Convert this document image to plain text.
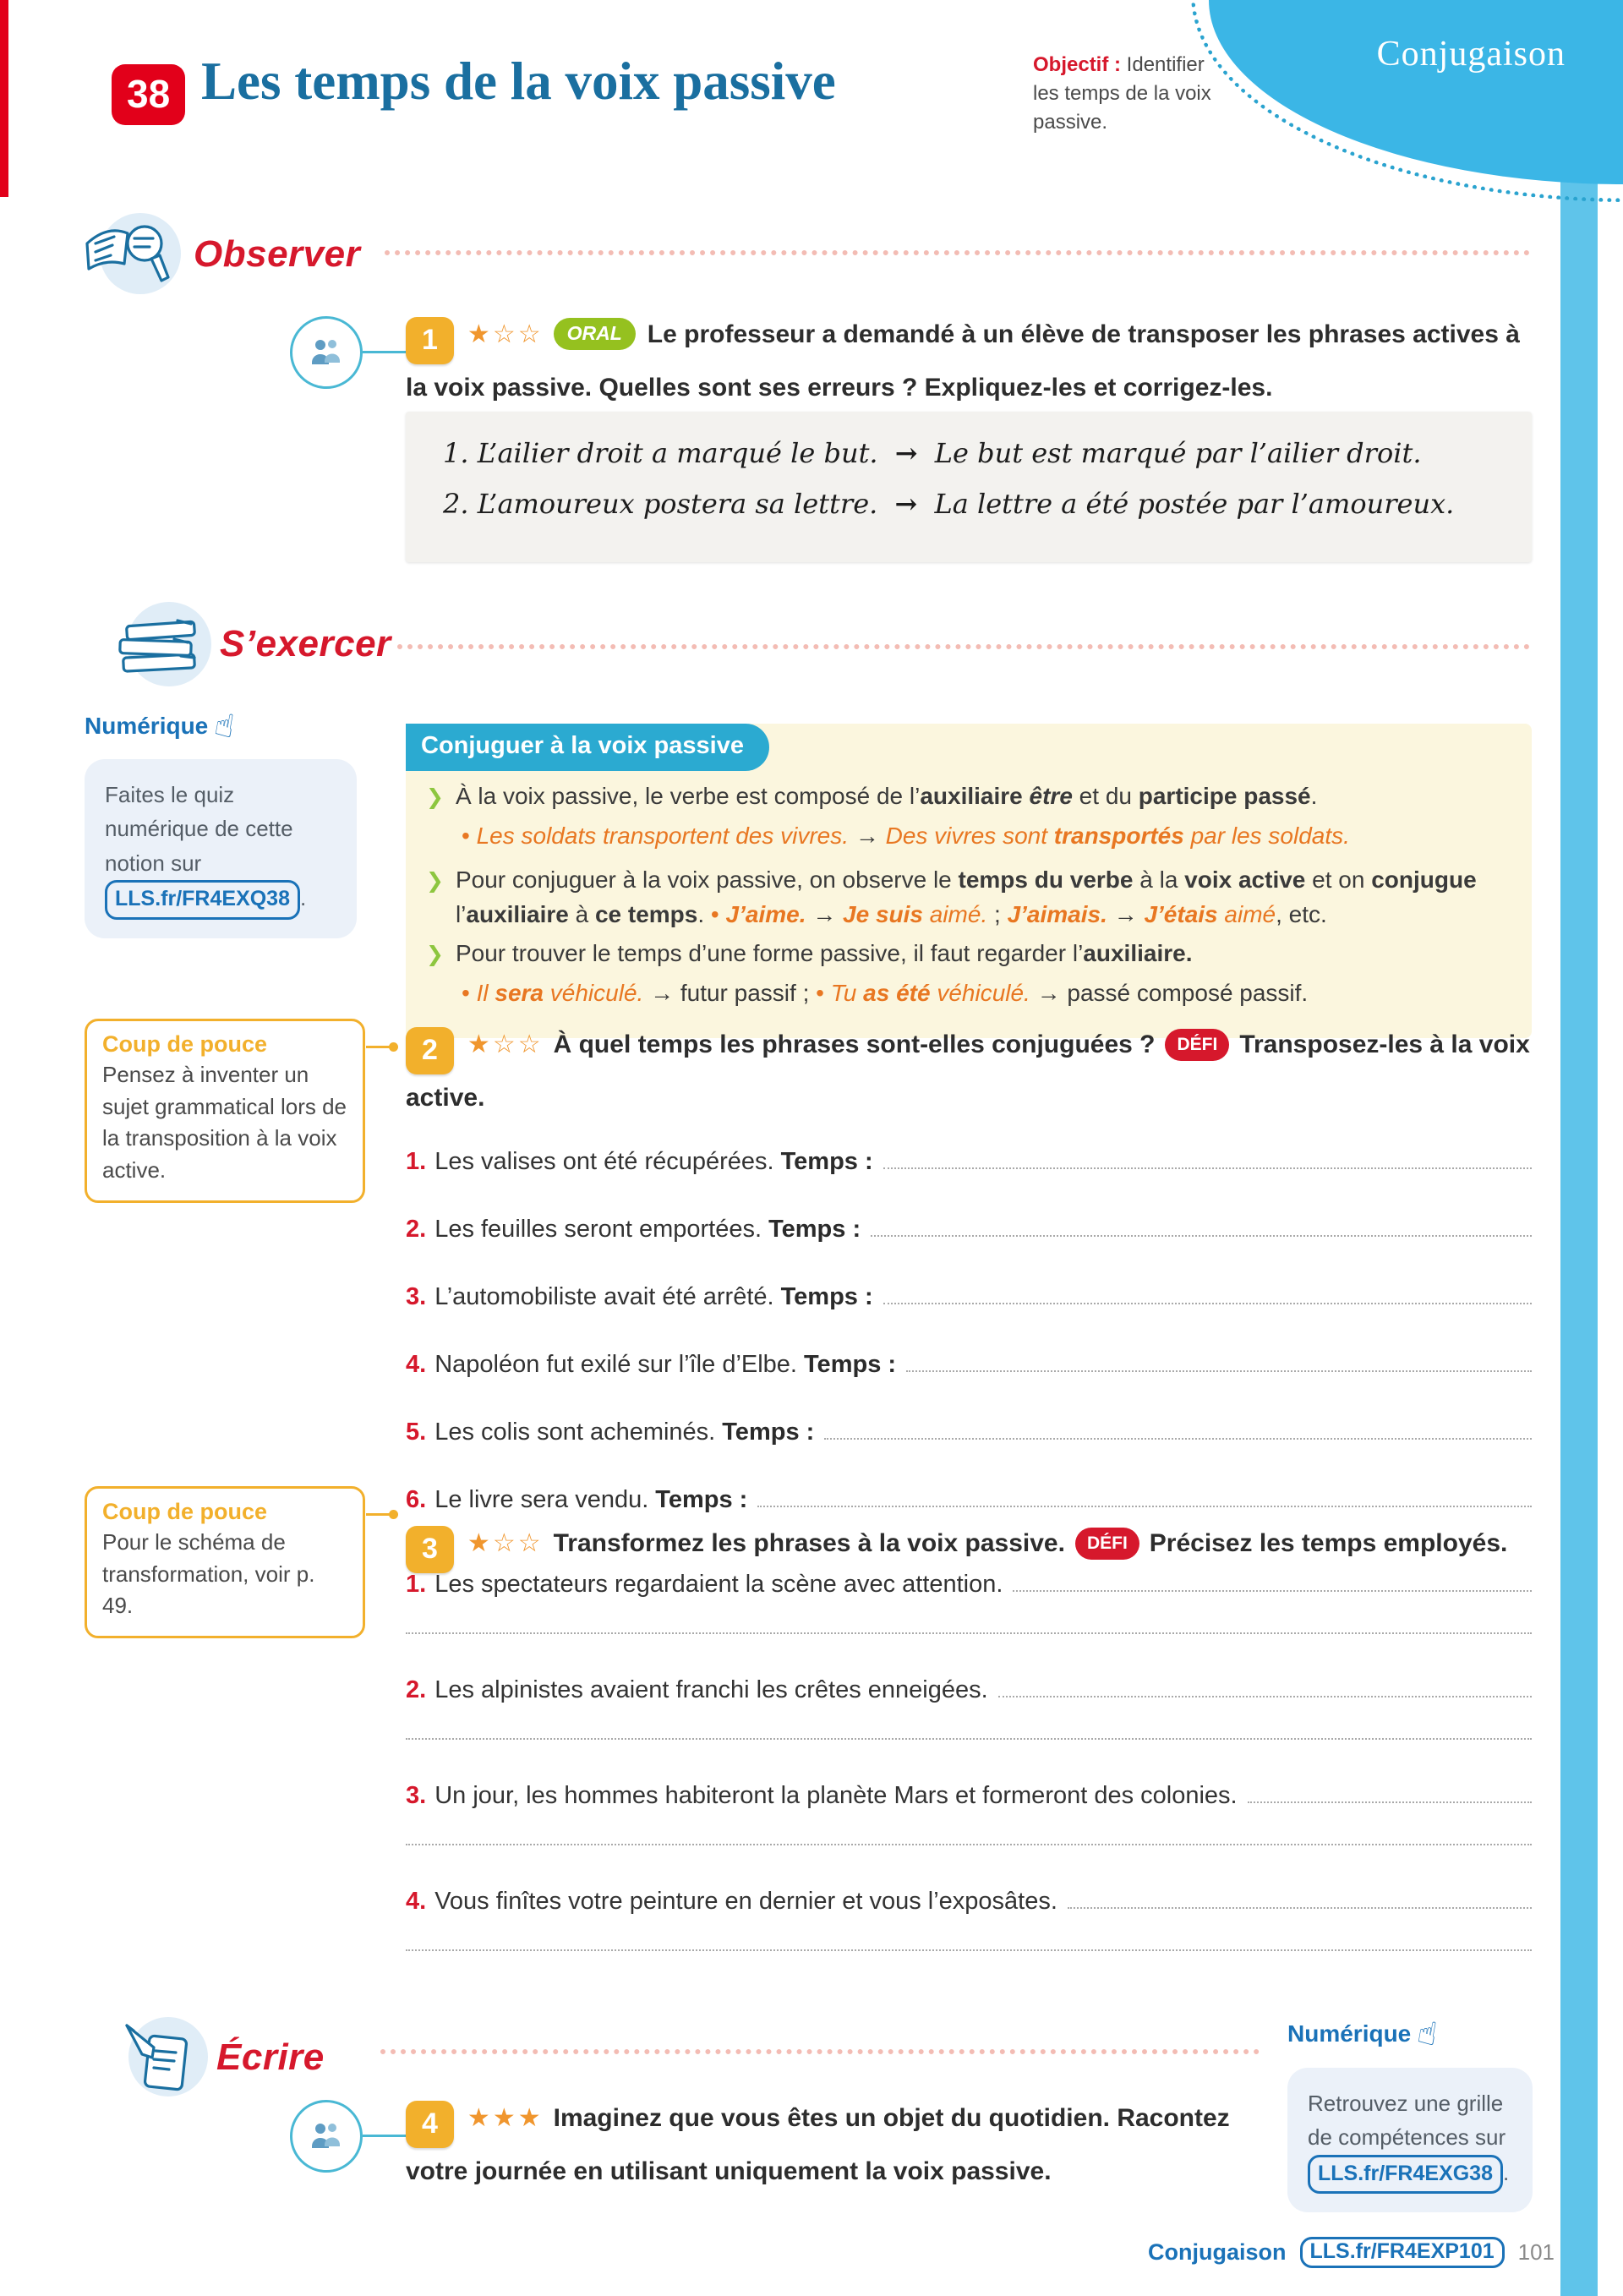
Conjugaison
38 Les temps de la voix passive	Objectif : Identifier les temps de la voix passive.
Observer

1 ★☆☆ ORAL Le professeur a demandé à un élève de transposer les phrases actives à la voix passive. Quelles sont ses erreurs ? Expliquez-les et corrigez-les.

1. L’ailier droit a marqué le but. → Le but est marqué par l’ailier droit.
2. L’amoureux postera sa lettre. → La lettre a été postée par l’amoureux.
S’exercer
Numérique ☝
Faites le quiz numérique de cette notion sur LLS.fr/FR4EXQ38 .
Conjuguer à la voix passive
❯ À la voix passive, le verbe est composé de l’auxiliaire être et du participe passé.
• Les soldats transportent des vivres. → Des vivres sont transportés par les soldats.
❯ Pour conjuguer à la voix passive, on observe le temps du verbe à la voix active et on conjugue l’auxiliaire à ce temps. • J’aime. → Je suis aimé. ; J’aimais. → J’étais aimé, etc.
❯ Pour trouver le temps d’une forme passive, il faut regarder l’auxiliaire.
• Il sera véhiculé. → futur passif ; • Tu as été véhiculé. → passé composé passif.
Coup de pouce
Pensez à inventer un sujet grammatical lors de la transposition à la voix active.

2 ★☆☆ À quel temps les phrases sont-elles conjuguées ? DÉFI Transposez-les à la voix active.

1. Les valises ont été récupérées. Temps :
2. Les feuilles seront emportées. Temps :
3. L’automobiliste avait été arrêté. Temps :
4. Napoléon fut exilé sur l’île d’Elbe. Temps :
5. Les colis sont acheminés. Temps :
6. Le livre sera vendu. Temps :
Coup de pouce
Pour le schéma de transformation, voir p. 49.

3 ★☆☆ Transformez les phrases à la voix passive. DÉFI Précisez les temps employés.

1. Les spectateurs regardaient la scène avec attention.
2. Les alpinistes avaient franchi les crêtes enneigées.
3. Un jour, les hommes habiteront la planète Mars et formeront des colonies.
4. Vous finîtes votre peinture en dernier et vous l’exposâtes.
Écrire
Numérique ☝
Retrouvez une grille de compétences sur LLS.fr/FR4EXG38 .

4 ★★★ Imaginez que vous êtes un objet du quotidien. Racontez votre journée en utilisant uniquement la voix passive.

Conjugaison	LLS.fr/FR4EXP101	101
